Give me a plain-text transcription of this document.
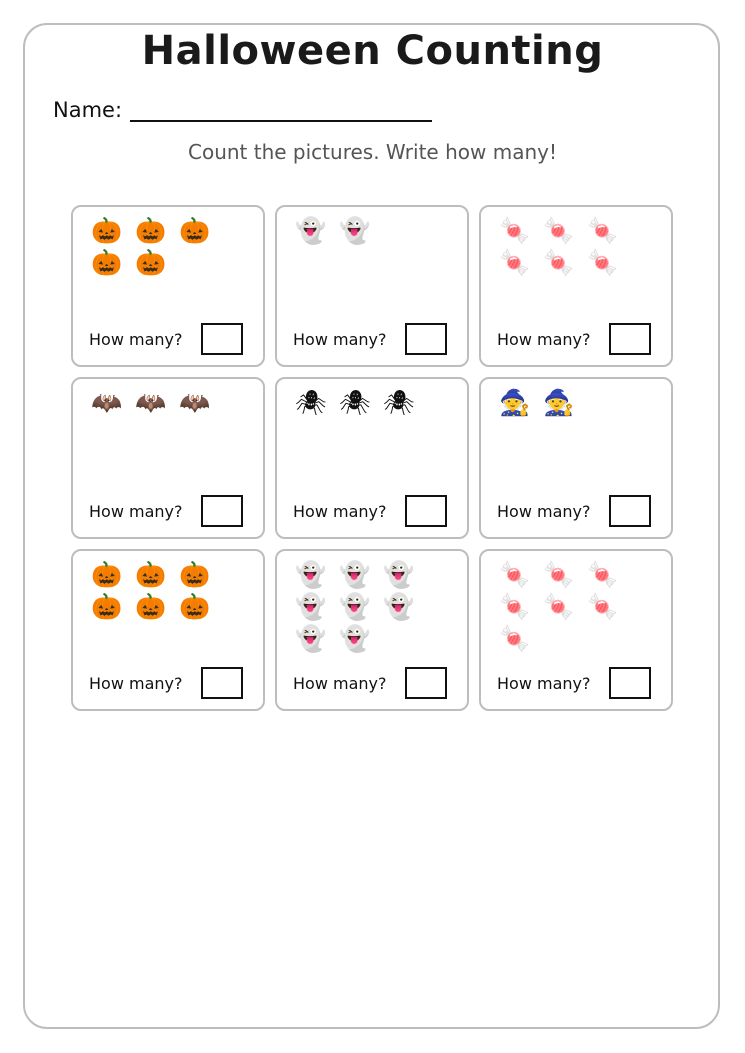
Halloween Counting
Name:
Count the pictures. Write how many!
🎃 🎃 🎃
🎃 🎃
How many?
👻 👻
How many?
🍬 🍬 🍬
🍬 🍬 🍬
How many?
🦇 🦇 🦇
How many?
🕷 🕷 🕷
How many?
🧙 🧙
How many?
🎃 🎃 🎃
🎃 🎃 🎃
How many?
👻 👻 👻
👻 👻 👻
👻 👻
How many?
🍬 🍬 🍬
🍬 🍬 🍬
🍬
How many?
